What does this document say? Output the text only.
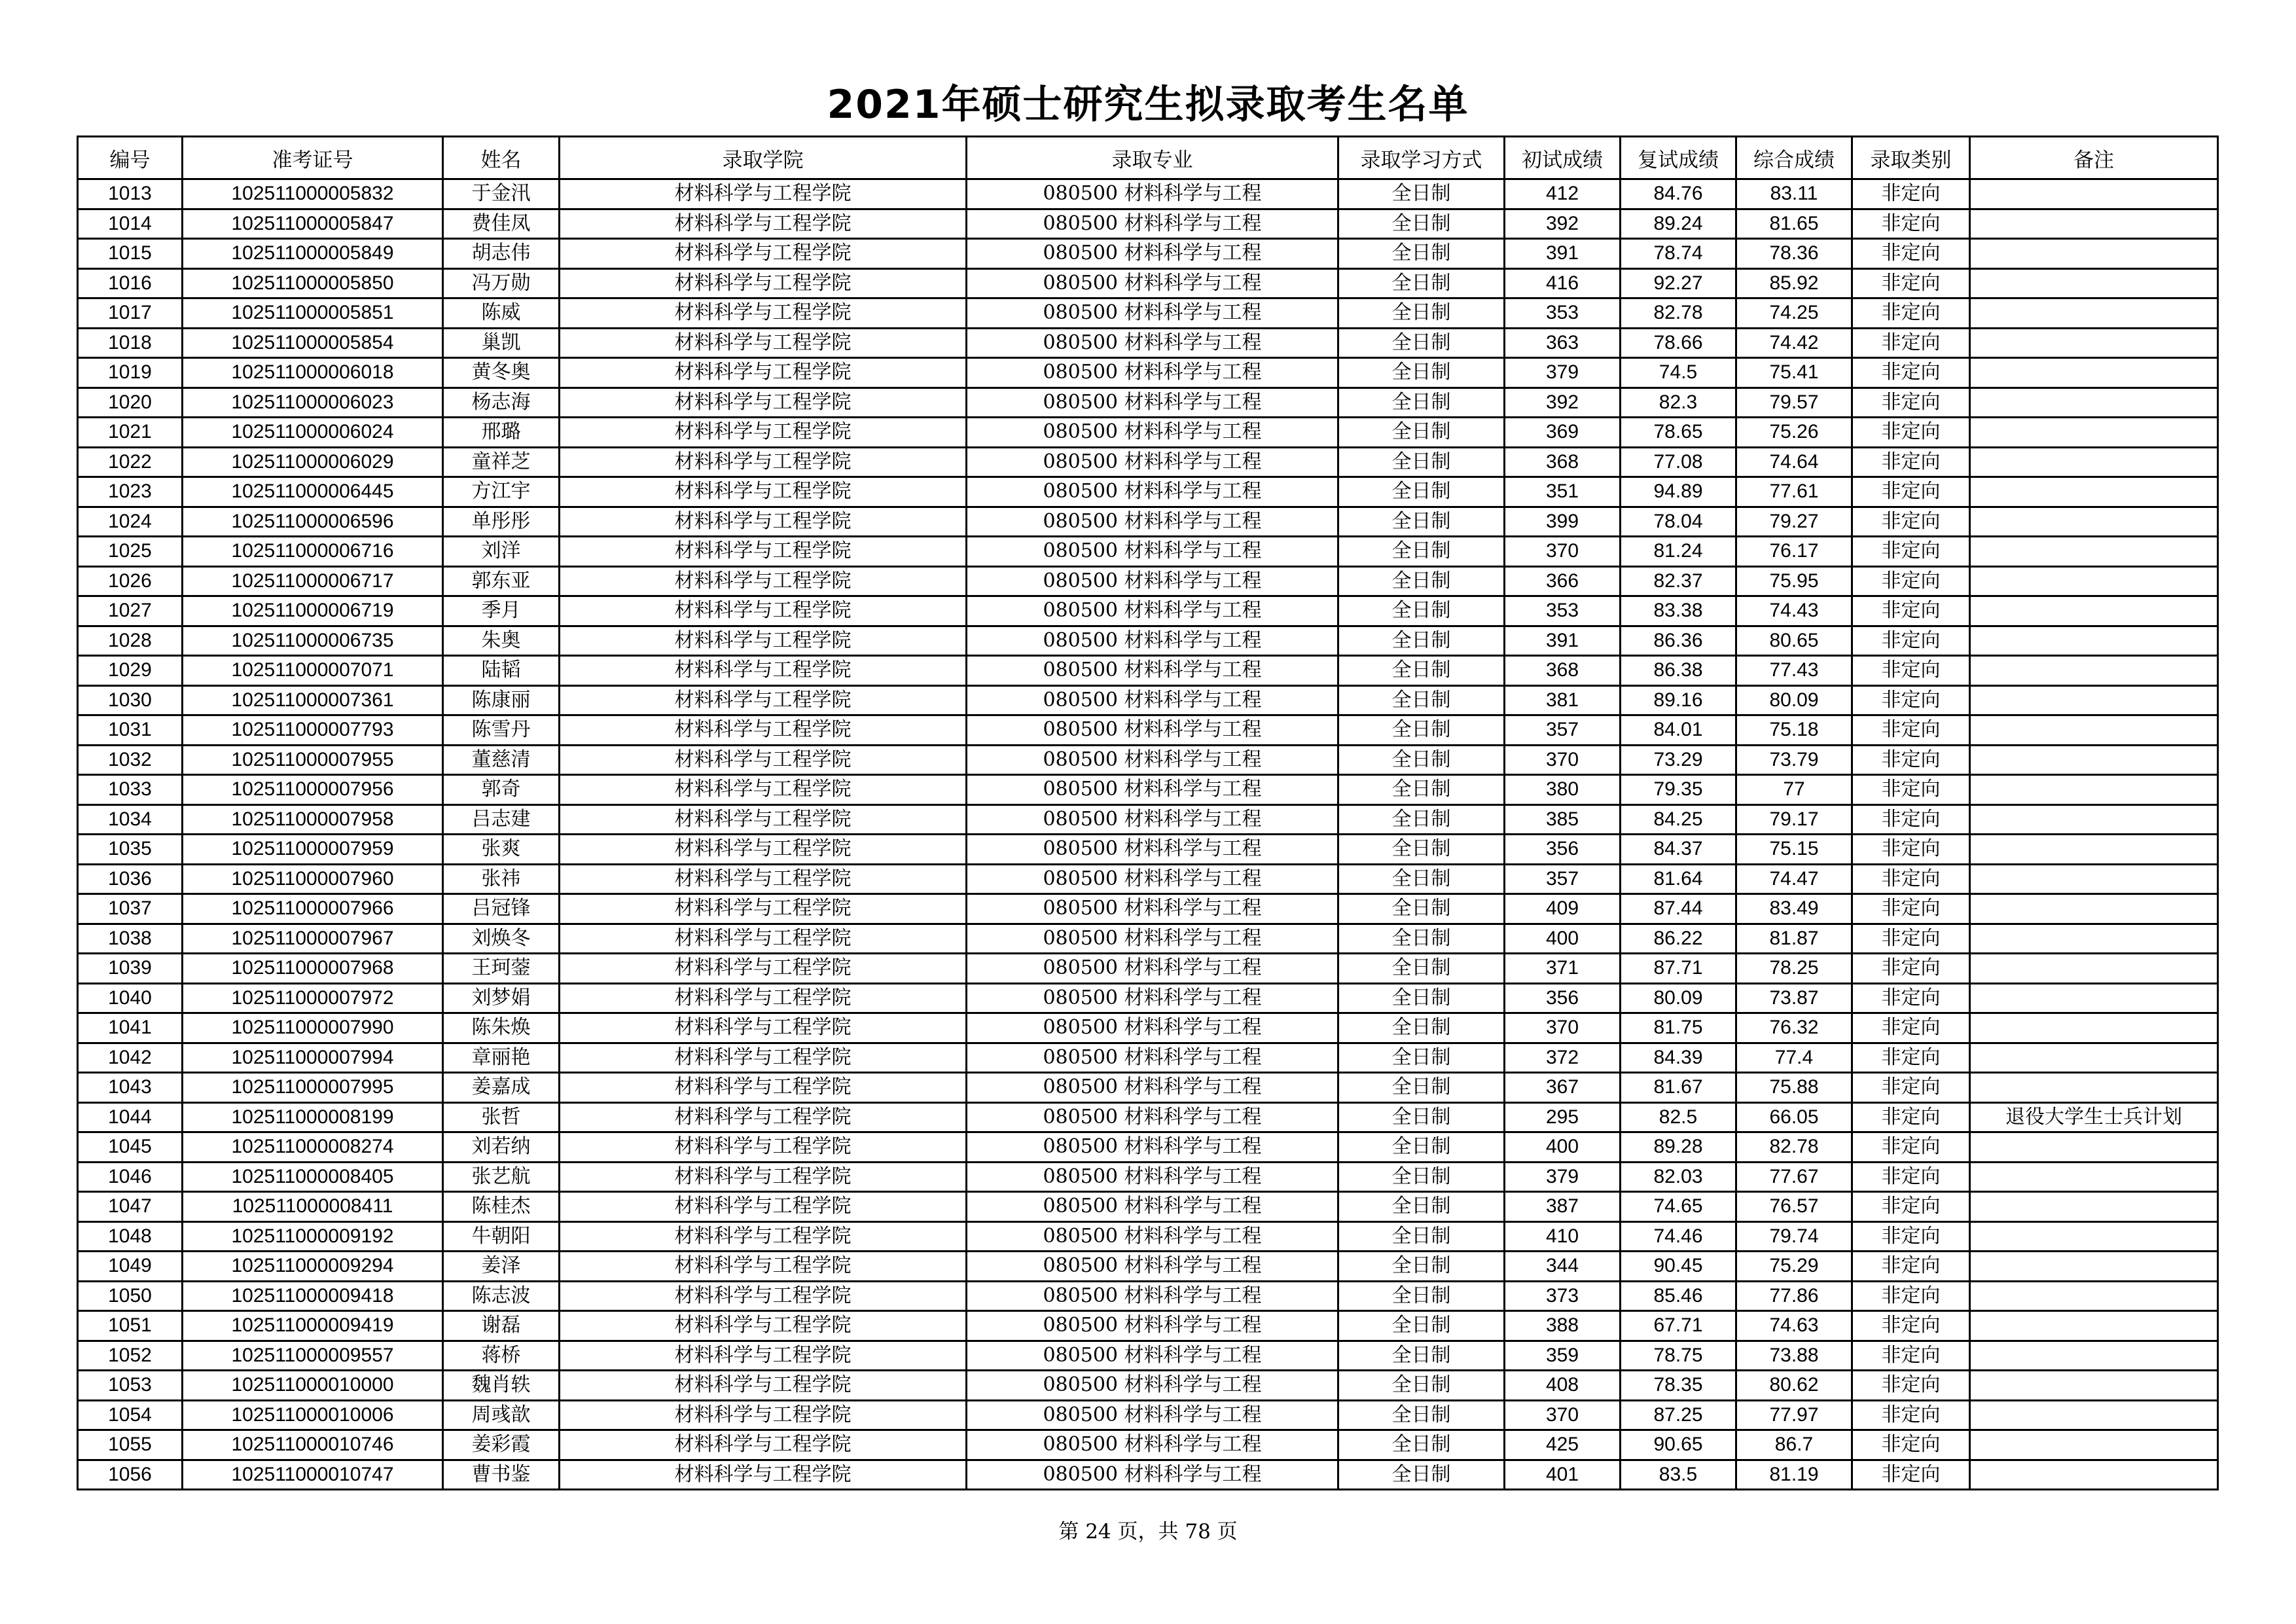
2021年硕士研究生拟录取考生名单
编号	准考证号	姓名	录取学院	录取专业	录取学习方式	初试成绩	复试成绩	综合成绩	录取类别	备注
1013	102511000005832	于金汛	材料科学与工程学院	080500 材料科学与工程	全日制	412	84.76	83.11	非定向	
1014	102511000005847	费佳凤	材料科学与工程学院	080500 材料科学与工程	全日制	392	89.24	81.65	非定向	
1015	102511000005849	胡志伟	材料科学与工程学院	080500 材料科学与工程	全日制	391	78.74	78.36	非定向	
1016	102511000005850	冯万勋	材料科学与工程学院	080500 材料科学与工程	全日制	416	92.27	85.92	非定向	
1017	102511000005851	陈威	材料科学与工程学院	080500 材料科学与工程	全日制	353	82.78	74.25	非定向	
1018	102511000005854	巢凯	材料科学与工程学院	080500 材料科学与工程	全日制	363	78.66	74.42	非定向	
1019	102511000006018	黄冬奥	材料科学与工程学院	080500 材料科学与工程	全日制	379	74.5	75.41	非定向	
1020	102511000006023	杨志海	材料科学与工程学院	080500 材料科学与工程	全日制	392	82.3	79.57	非定向	
1021	102511000006024	邢璐	材料科学与工程学院	080500 材料科学与工程	全日制	369	78.65	75.26	非定向	
1022	102511000006029	童祥芝	材料科学与工程学院	080500 材料科学与工程	全日制	368	77.08	74.64	非定向	
1023	102511000006445	方江宇	材料科学与工程学院	080500 材料科学与工程	全日制	351	94.89	77.61	非定向	
1024	102511000006596	单彤彤	材料科学与工程学院	080500 材料科学与工程	全日制	399	78.04	79.27	非定向	
1025	102511000006716	刘洋	材料科学与工程学院	080500 材料科学与工程	全日制	370	81.24	76.17	非定向	
1026	102511000006717	郭东亚	材料科学与工程学院	080500 材料科学与工程	全日制	366	82.37	75.95	非定向	
1027	102511000006719	季月	材料科学与工程学院	080500 材料科学与工程	全日制	353	83.38	74.43	非定向	
1028	102511000006735	朱奥	材料科学与工程学院	080500 材料科学与工程	全日制	391	86.36	80.65	非定向	
1029	102511000007071	陆韬	材料科学与工程学院	080500 材料科学与工程	全日制	368	86.38	77.43	非定向	
1030	102511000007361	陈康丽	材料科学与工程学院	080500 材料科学与工程	全日制	381	89.16	80.09	非定向	
1031	102511000007793	陈雪丹	材料科学与工程学院	080500 材料科学与工程	全日制	357	84.01	75.18	非定向	
1032	102511000007955	董慈清	材料科学与工程学院	080500 材料科学与工程	全日制	370	73.29	73.79	非定向	
1033	102511000007956	郭奇	材料科学与工程学院	080500 材料科学与工程	全日制	380	79.35	77	非定向	
1034	102511000007958	吕志建	材料科学与工程学院	080500 材料科学与工程	全日制	385	84.25	79.17	非定向	
1035	102511000007959	张爽	材料科学与工程学院	080500 材料科学与工程	全日制	356	84.37	75.15	非定向	
1036	102511000007960	张祎	材料科学与工程学院	080500 材料科学与工程	全日制	357	81.64	74.47	非定向	
1037	102511000007966	吕冠锋	材料科学与工程学院	080500 材料科学与工程	全日制	409	87.44	83.49	非定向	
1038	102511000007967	刘焕冬	材料科学与工程学院	080500 材料科学与工程	全日制	400	86.22	81.87	非定向	
1039	102511000007968	王珂蓥	材料科学与工程学院	080500 材料科学与工程	全日制	371	87.71	78.25	非定向	
1040	102511000007972	刘梦娟	材料科学与工程学院	080500 材料科学与工程	全日制	356	80.09	73.87	非定向	
1041	102511000007990	陈朱焕	材料科学与工程学院	080500 材料科学与工程	全日制	370	81.75	76.32	非定向	
1042	102511000007994	章丽艳	材料科学与工程学院	080500 材料科学与工程	全日制	372	84.39	77.4	非定向	
1043	102511000007995	姜嘉成	材料科学与工程学院	080500 材料科学与工程	全日制	367	81.67	75.88	非定向	
1044	102511000008199	张哲	材料科学与工程学院	080500 材料科学与工程	全日制	295	82.5	66.05	非定向	退役大学生士兵计划
1045	102511000008274	刘若纳	材料科学与工程学院	080500 材料科学与工程	全日制	400	89.28	82.78	非定向	
1046	102511000008405	张艺航	材料科学与工程学院	080500 材料科学与工程	全日制	379	82.03	77.67	非定向	
1047	102511000008411	陈桂杰	材料科学与工程学院	080500 材料科学与工程	全日制	387	74.65	76.57	非定向	
1048	102511000009192	牛朝阳	材料科学与工程学院	080500 材料科学与工程	全日制	410	74.46	79.74	非定向	
1049	102511000009294	姜泽	材料科学与工程学院	080500 材料科学与工程	全日制	344	90.45	75.29	非定向	
1050	102511000009418	陈志波	材料科学与工程学院	080500 材料科学与工程	全日制	373	85.46	77.86	非定向	
1051	102511000009419	谢磊	材料科学与工程学院	080500 材料科学与工程	全日制	388	67.71	74.63	非定向	
1052	102511000009557	蒋桥	材料科学与工程学院	080500 材料科学与工程	全日制	359	78.75	73.88	非定向	
1053	102511000010000	魏肖轶	材料科学与工程学院	080500 材料科学与工程	全日制	408	78.35	80.62	非定向	
1054	102511000010006	周彧歆	材料科学与工程学院	080500 材料科学与工程	全日制	370	87.25	77.97	非定向	
1055	102511000010746	姜彩霞	材料科学与工程学院	080500 材料科学与工程	全日制	425	90.65	86.7	非定向	
1056	102511000010747	曹书鉴	材料科学与工程学院	080500 材料科学与工程	全日制	401	83.5	81.19	非定向	
第 24 页，共 78 页
